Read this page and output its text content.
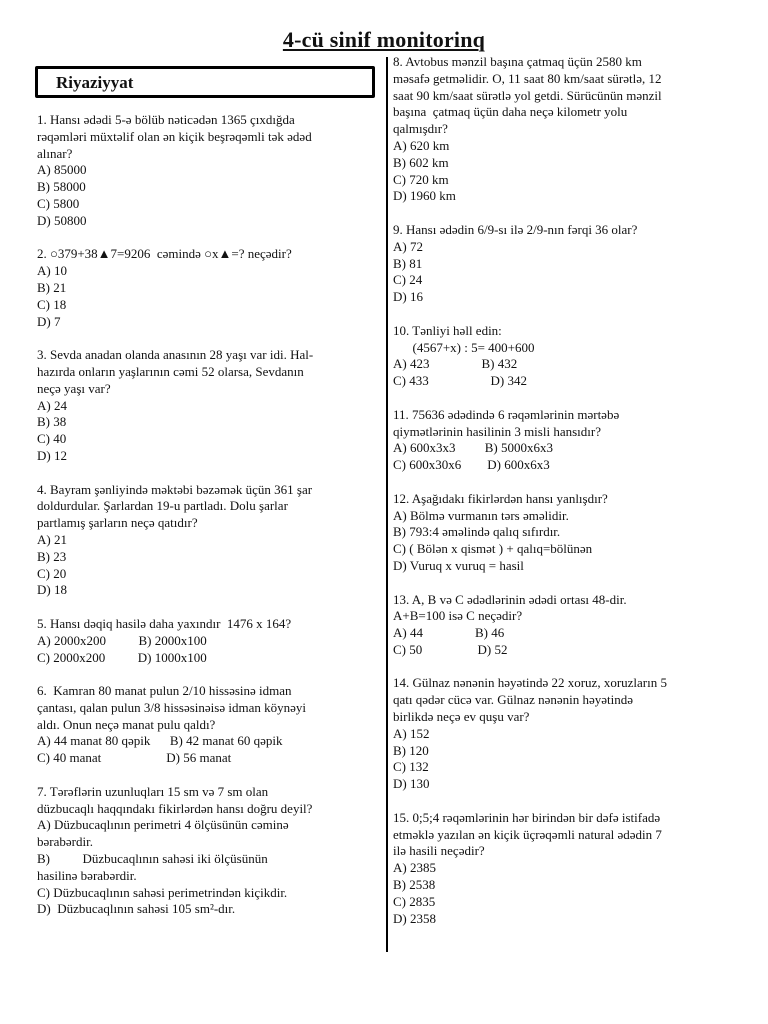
4-cü sinif monitorinq
Riyaziyyat
1. Hansı ədədi 5-ə bölüb nəticədən 1365 çıxdığda
rəqəmləri müxtəlif olan ən kiçik beşrəqəmli tək ədəd
alınar?
A) 85000
B) 58000
C) 5800
D) 50800
2. ○379+38▲7=9206  cəmində ○x▲=? neçədir?
A) 10
B) 21
C) 18
D) 7
3. Sevda anadan olanda anasının 28 yaşı var idi. Hal-
hazırda onların yaşlarının cəmi 52 olarsa, Sevdanın
neçə yaşı var?
A) 24
B) 38
C) 40
D) 12
4. Bayram şənliyində məktəbi bəzəmək üçün 361 şar
doldurdular. Şarlardan 19-u partladı. Dolu şarlar
partlamış şarların neçə qatıdır?
A) 21
B) 23
C) 20
D) 18
5. Hansı dəqiq hasilə daha yaxındır  1476 x 164?
A) 2000x200          B) 2000x100
C) 2000x200          D) 1000x100
6.  Kamran 80 manat pulun 2/10 hissəsinə idman
çantası, qalan pulun 3/8 hissəsinəisə idman köynəyi
aldı. Onun neçə manat pulu qaldı?
A) 44 manat 80 qəpik      B) 42 manat 60 qəpik
C) 40 manat                    D) 56 manat
7. Tərəflərin uzunluqları 15 sm və 7 sm olan
düzbucaqlı haqqındakı fikirlərdən hansı doğru deyil?
A) Düzbucaqlının perimetri 4 ölçüsünün cəminə
bərabərdir.
B)          Düzbucaqlının sahəsi iki ölçüsünün
hasilinə bərabərdir.
C) Düzbucaqlının sahəsi perimetrindən kiçikdir.
D)  Düzbucaqlının sahəsi 105 sm²-dır.
8. Avtobus mənzil başına çatmaq üçün 2580 km
məsafə getməlidir. O, 11 saat 80 km/saat sürətlə, 12
saat 90 km/saat sürətlə yol getdi. Sürücünün mənzil
başına  çatmaq üçün daha neçə kilometr yolu
qalmışdır?
A) 620 km
B) 602 km
C) 720 km
D) 1960 km
9. Hansı ədədin 6/9-sı ilə 2/9-nın fərqi 36 olar?
A) 72
B) 81
C) 24
D) 16
10. Tənliyi həll edin:
(4567+x) : 5= 400+600
A) 423                B) 432
C) 433                   D) 342
11. 75636 ədədində 6 rəqəmlərinin mərtəbə
qiymətlərinin hasilinin 3 misli hansıdır?
A) 600x3x3         B) 5000x6x3
C) 600x30x6        D) 600x6x3
12. Aşağıdakı fikirlərdən hansı yanlışdır?
A) Bölmə vurmanın tərs əməlidir.
B) 793:4 əməlində qalıq sıfırdır.
C) ( Bölən x qismət ) + qalıq=bölünən
D) Vuruq x vuruq = hasil
13. A, B və C ədədlərinin ədədi ortası 48-dir.
A+B=100 isə C neçədir?
A) 44                B) 46
C) 50                 D) 52
14. Gülnaz nənənin həyətində 22 xoruz, xoruzların 5
qatı qədər cücə var. Gülnaz nənənin həyətində
birlikdə neçə ev quşu var?
A) 152
B) 120
C) 132
D) 130
15. 0;5;4 rəqəmlərinin hər birindən bir dəfə istifadə
etməklə yazılan ən kiçik üçrəqəmli natural ədədin 7
ilə hasili neçədir?
A) 2385
B) 2538
C) 2835
D) 2358
